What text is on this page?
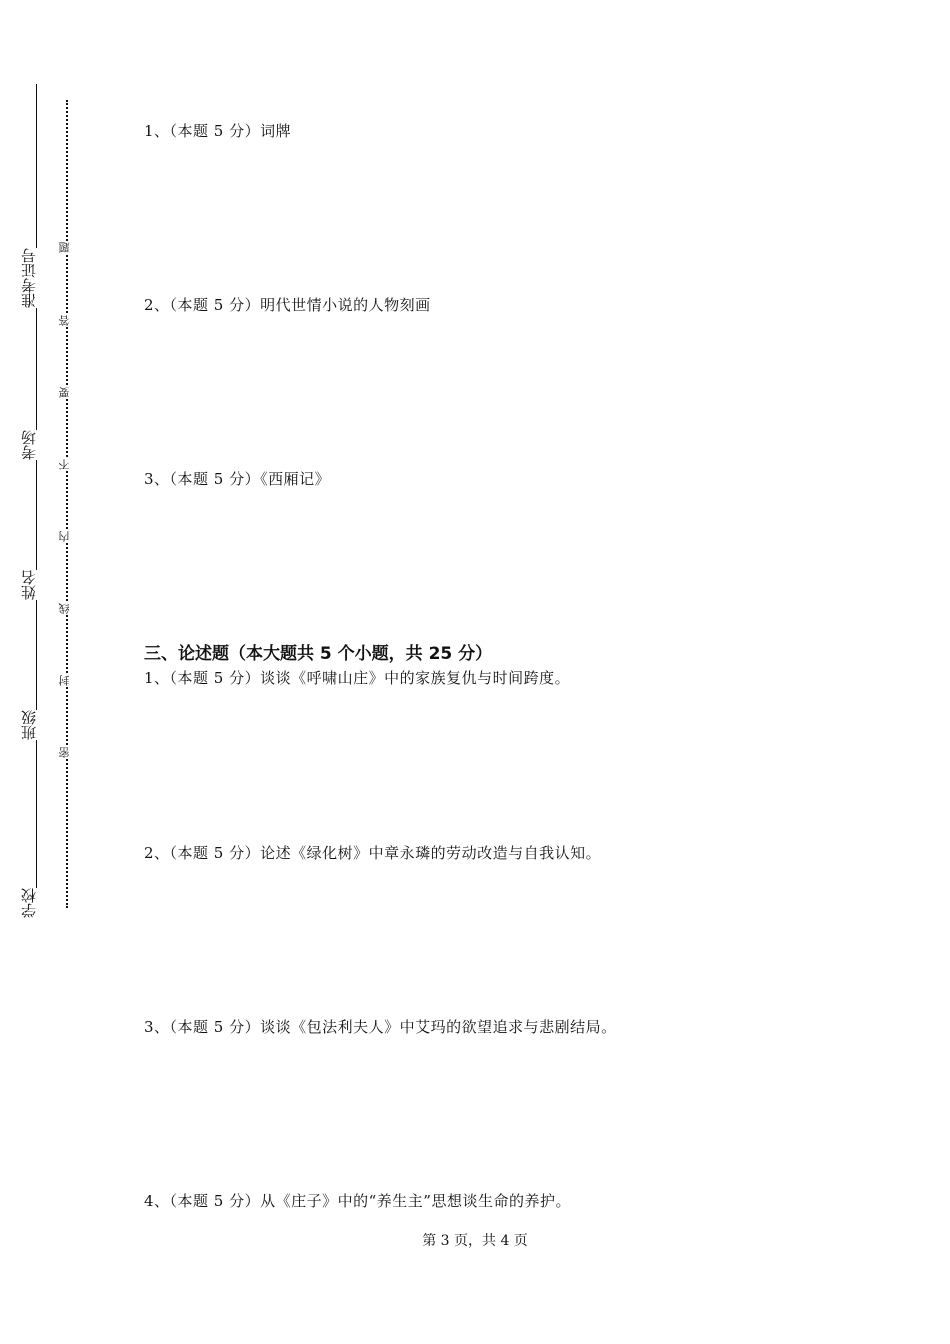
准考证号
考场
姓名
班级
学校
题
答
要
不
内
线
封
密
1、（本题 5 分）词牌
2、（本题 5 分）明代世情小说的人物刻画
3、（本题 5 分）《西厢记》
三、论述题（本大题共 5 个小题，共 25 分）
1、（本题 5 分）谈谈《呼啸山庄》中的家族复仇与时间跨度。
2、（本题 5 分）论述《绿化树》中章永璘的劳动改造与自我认知。
3、（本题 5 分）谈谈《包法利夫人》中艾玛的欲望追求与悲剧结局。
4、（本题 5 分）从《庄子》中的“养生主”思想谈生命的养护。
第 3 页，共 4 页
